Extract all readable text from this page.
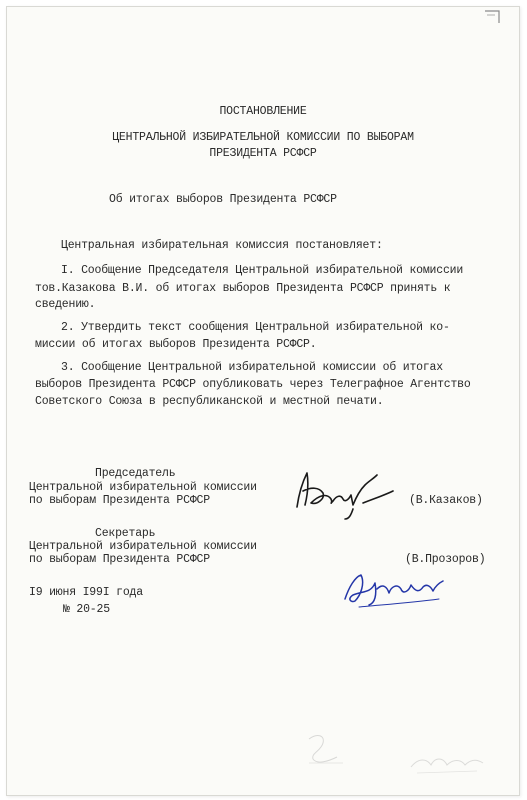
ПОСТАНОВЛЕНИЕ
ЦЕНТРАЛЬНОЙ ИЗБИРАТЕЛЬНОЙ КОМИССИИ ПО ВЫБОРАМ
ПРЕЗИДЕНТА РСФСР
Об итогах выборов Президента РСФСР
Центральная избирательная комиссия постановляет:
I. Сообщение Председателя Центральной избирательной комиссии
тов.Казакова В.И. об итогах выборов Президента РСФСР принять к
сведению.
2. Утвердить текст сообщения Центральной избирательной ко-
миссии об итогах выборов Президента РСФСР.
3. Сообщение Центральной избирательной комиссии об итогах
выборов Президента РСФСР опубликовать через Телеграфное Агентство
Советского Союза в республиканской и местной печати.
Председатель
Центральной избирательной комиссии
по выборам Президента РСФСР	(В.Казаков)
Секретарь
Центральной избирательной комиссии
по выборам Президента РСФСР	(В.Прозоров)
I9 июня I99I года
№ 20-25
